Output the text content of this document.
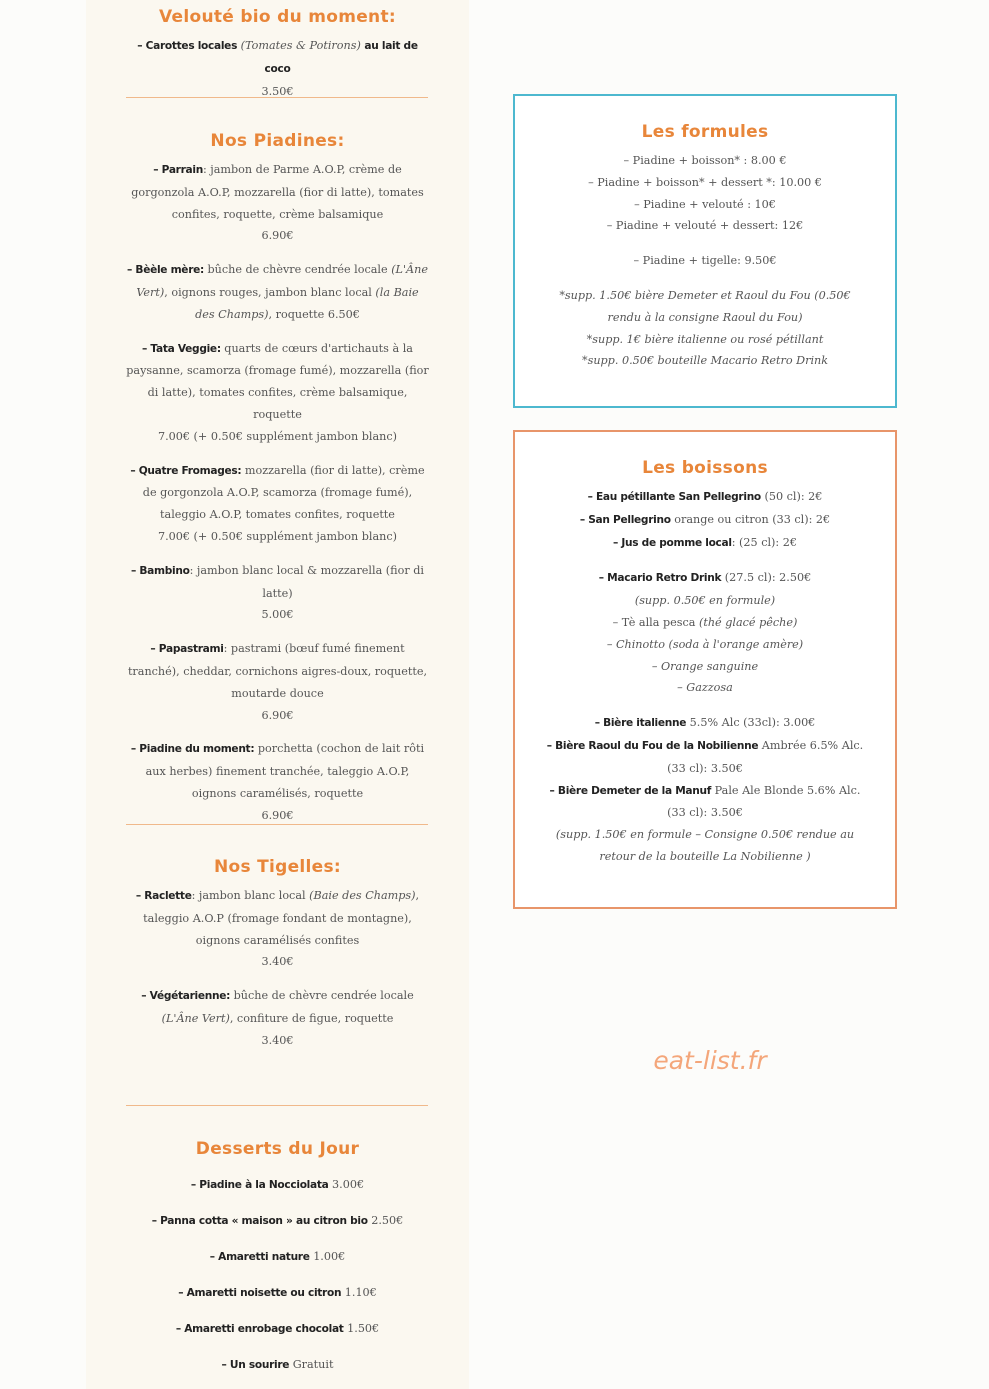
Velouté bio du moment:
– Carottes locales (Tomates & Potirons) au lait de coco
3.50€
Nos Piadines:
– Parrain: jambon de Parme A.O.P, crème de gorgonzola A.O.P, mozzarella (fior di latte), tomates confites, roquette, crème balsamique
6.90€
– Bèèle mère: bûche de chèvre cendrée locale (L'Âne Vert), oignons rouges, jambon blanc local (la Baie des Champs), roquette 6.50€
– Tata Veggie: quarts de cœurs d'artichauts à la paysanne, scamorza (fromage fumé), mozzarella (fior di latte), tomates confites, crème balsamique, roquette
7.00€ (+ 0.50€ supplément jambon blanc)
– Quatre Fromages: mozzarella (fior di latte), crème de gorgonzola A.O.P, scamorza (fromage fumé), taleggio A.O.P, tomates confites, roquette
7.00€ (+ 0.50€ supplément jambon blanc)
– Bambino: jambon blanc local & mozzarella (fior di latte)
5.00€
– Papastrami: pastrami (bœuf fumé finement tranché), cheddar, cornichons aigres-doux, roquette, moutarde douce
6.90€
– Piadine du moment: porchetta (cochon de lait rôti aux herbes) finement tranchée, taleggio A.O.P, oignons caramélisés, roquette
6.90€
Nos Tigelles:
– Raclette: jambon blanc local (Baie des Champs), taleggio A.O.P (fromage fondant de montagne), oignons caramélisés confites
3.40€
– Végétarienne: bûche de chèvre cendrée locale (L'Âne Vert), confiture de figue, roquette
3.40€
Desserts du Jour
– Piadine à la Nocciolata 3.00€
– Panna cotta « maison » au citron bio 2.50€
– Amaretti nature 1.00€
– Amaretti noisette ou citron 1.10€
– Amaretti enrobage chocolat 1.50€
– Un sourire Gratuit
Les formules
– Piadine + boisson* : 8.00 €
– Piadine + boisson* + dessert *: 10.00 €
– Piadine + velouté : 10€
– Piadine + velouté + dessert: 12€
– Piadine + tigelle: 9.50€
*supp. 1.50€ bière Demeter et Raoul du Fou (0.50€ rendu à la consigne Raoul du Fou)
*supp. 1€ bière italienne ou rosé pétillant
*supp. 0.50€ bouteille Macario Retro Drink
Les boissons
– Eau pétillante San Pellegrino (50 cl): 2€
– San Pellegrino orange ou citron (33 cl): 2€
– Jus de pomme local: (25 cl): 2€
– Macario Retro Drink (27.5 cl): 2.50€
(supp. 0.50€ en formule)
– Tè alla pesca (thé glacé pêche)
– Chinotto (soda à l'orange amère)
– Orange sanguine
– Gazzosa
– Bière italienne 5.5% Alc (33cl): 3.00€
– Bière Raoul du Fou de la Nobilienne Ambrée 6.5% Alc. (33 cl): 3.50€
– Bière Demeter de la Manuf Pale Ale Blonde 5.6% Alc. (33 cl): 3.50€
(supp. 1.50€ en formule – Consigne 0.50€ rendue au retour de la bouteille La Nobilienne )
eat-list.fr
